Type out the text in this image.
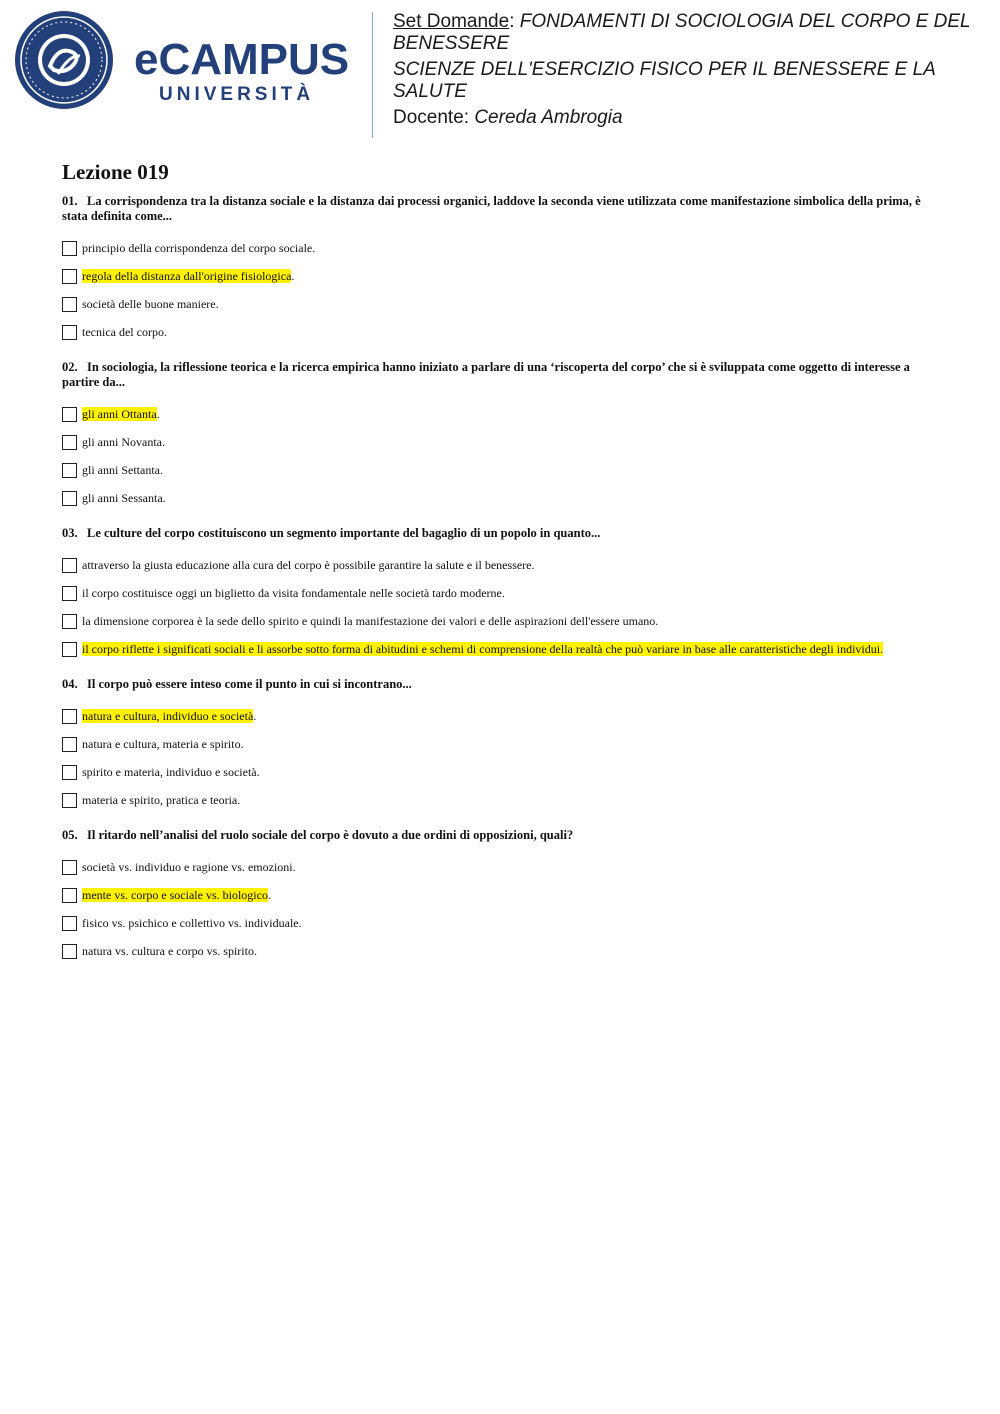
eCAMPUS
UNIVERSITÀ
Set Domande: FONDAMENTI DI SOCIOLOGIA DEL CORPO E DEL BENESSERE
SCIENZE DELL'ESERCIZIO FISICO PER IL BENESSERE E LA SALUTE
Docente: Cereda Ambrogia
Lezione 019
01. La corrispondenza tra la distanza sociale e la distanza dai processi organici, laddove la seconda viene utilizzata come manifestazione simbolica della prima, è stata definita come...
principio della corrispondenza del corpo sociale.
regola della distanza dall'origine fisiologica.
società delle buone maniere.
tecnica del corpo.
02. In sociologia, la riflessione teorica e la ricerca empirica hanno iniziato a parlare di una ‘riscoperta del corpo’ che si è sviluppata come oggetto di interesse a partire da...
gli anni Ottanta.
gli anni Novanta.
gli anni Settanta.
gli anni Sessanta.
03. Le culture del corpo costituiscono un segmento importante del bagaglio di un popolo in quanto...
attraverso la giusta educazione alla cura del corpo è possibile garantire la salute e il benessere.
il corpo costituisce oggi un biglietto da visita fondamentale nelle società tardo moderne.
la dimensione corporea è la sede dello spirito e quindi la manifestazione dei valori e delle aspirazioni dell'essere umano.
il corpo riflette i significati sociali e li assorbe sotto forma di abitudini e schemi di comprensione della realtà che può variare in base alle caratteristiche degli individui.
04. Il corpo può essere inteso come il punto in cui si incontrano...
natura e cultura, individuo e società.
natura e cultura, materia e spirito.
spirito e materia, individuo e società.
materia e spirito, pratica e teoria.
05. Il ritardo nell’analisi del ruolo sociale del corpo è dovuto a due ordini di opposizioni, quali?
società vs. individuo e ragione vs. emozioni.
mente vs. corpo e sociale vs. biologico.
fisico vs. psichico e collettivo vs. individuale.
natura vs. cultura e corpo vs. spirito.
